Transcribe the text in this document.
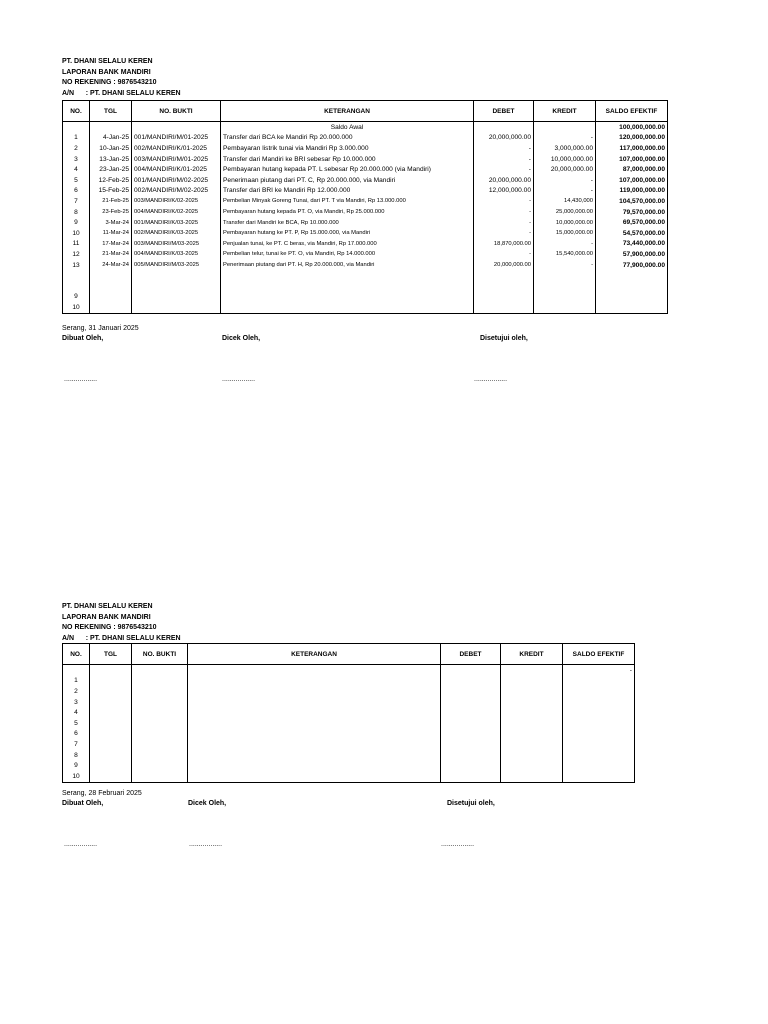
PT. DHANI SELALU KEREN
LAPORAN BANK MANDIRI
NO REKENING : 9876543210
A/N      : PT. DHANI SELALU KEREN
NO.	TGL	NO. BUKTI	KETERANGAN	DEBET	KREDIT	SALDO EFEKTIF
			Saldo Awal			100,000,000.00
1	4-Jan-25	001/MANDIRI/M/01-2025	Transfer dari BCA ke Mandiri Rp 20.000.000	20,000,000.00	-	120,000,000.00
2	10-Jan-25	002/MANDIRI/K/01-2025	Pembayaran listrik tunai via Mandiri Rp 3.000.000	-	3,000,000.00	117,000,000.00
3	13-Jan-25	003/MANDIRI/M/01-2025	Transfer dari Mandiri ke BRI sebesar Rp 10.000.000	-	10,000,000.00	107,000,000.00
4	23-Jan-25	004/MANDIRI/K/01-2025	Pembayaran hutang kepada PT. L sebesar Rp 20.000.000 (via Mandiri)	-	20,000,000.00	87,000,000.00
5	12-Feb-25	001/MANDIRI/M/02-2025	Penerimaan piutang dari PT. C, Rp 20.000.000, via Mandiri	20,000,000.00	-	107,000,000.00
6	15-Feb-25	002/MANDIRI/M/02-2025	Transfer dari BRI ke Mandiri Rp 12.000.000	12,000,000.00	-	119,000,000.00
7	21-Feb-25	003/MANDIRI/K/02-2025	Pembelian Minyak Goreng Tunai, dari PT. T via Mandiri, Rp 13.000.000	-	14,430,000	104,570,000.00
8	23-Feb-25	004/MANDIRI/K/02-2025	Pembayaran hutang kepada PT. O, via Mandiri, Rp 25.000.000	-	25,000,000.00	79,570,000.00
9	3-Mar-24	001/MANDIRI/K/03-2025	Transfer dari Mandiri ke BCA, Rp 10.000.000	-	10,000,000.00	69,570,000.00
10	11-Mar-24	002/MANDIRI/K/03-2025	Pembayaran hutang ke PT. P, Rp 15.000.000, via Mandiri	-	15,000,000.00	54,570,000.00
11	17-Mar-24	003/MANDIRI/M/03-2025	Penjualan tunai, ke PT. C beras, via Mandiri, Rp 17.000.000	18,870,000.00	-	73,440,000.00
12	21-Mar-24	004/MANDIRI/K/03-2025	Pembelian telur, tunai ke PT. O, via Mandiri, Rp 14.000.000	-	15,540,000.00	57,900,000.00
13	24-Mar-24	005/MANDIRI/M/03-2025	Penerimaan piutang dari PT. H, Rp 20.000.000, via Mandiri	20,000,000.00	-	77,900,000.00

9						
10						
Serang, 31 Januari 2025
Dibuat Oleh,	Dicek Oleh,	Disetujui oleh,
.................	.................	.................
PT. DHANI SELALU KEREN
LAPORAN BANK MANDIRI
NO REKENING : 9876543210
A/N      : PT. DHANI SELALU KEREN
NO.	TGL	NO. BUKTI	KETERANGAN	DEBET	KREDIT	SALDO EFEKTIF
						-
1						
2						
3						
4						
5						
6						
7						
8						
9						
10						
Serang, 28 Februari 2025
Dibuat Oleh,	Dicek Oleh,	Disetujui oleh,
.................	.................	.................
